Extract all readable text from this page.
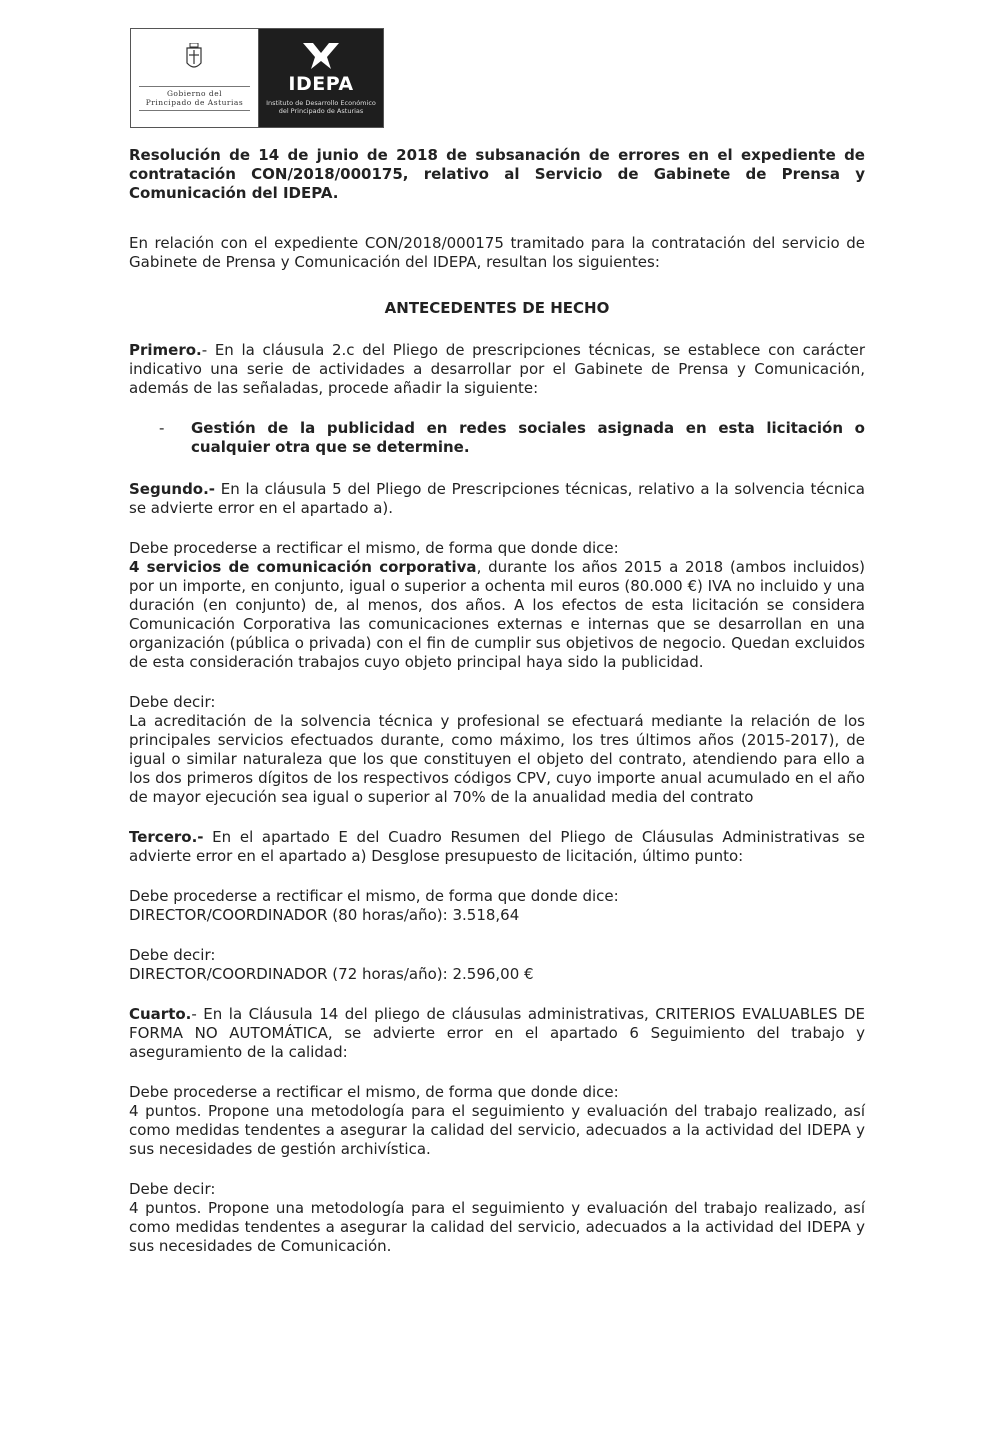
Gobierno del
Principado de Asturias
IDEPA
Instituto de Desarrollo Económico
del Principado de Asturias

Resolución de 14 de junio de 2018 de subsanación de errores en el expediente de contratación CON/2018/000175, relativo al Servicio de Gabinete de Prensa y Comunicación del IDEPA.

En relación con el expediente CON/2018/000175 tramitado para la contratación del servicio de Gabinete de Prensa y Comunicación del IDEPA, resultan los siguientes:

ANTECEDENTES DE HECHO

Primero.- En la cláusula 2.c del Pliego de prescripciones técnicas, se establece con carácter indicativo una serie de actividades a desarrollar por el Gabinete de Prensa y Comunicación, además de las señaladas, procede añadir la siguiente:

-	Gestión de la publicidad en redes sociales asignada en esta licitación o cualquier otra que se determine.

Segundo.- En la cláusula 5 del Pliego de Prescripciones técnicas, relativo a la solvencia técnica se advierte error en el apartado a).

Debe procederse a rectificar el mismo, de forma que donde dice:

4 servicios de comunicación corporativa, durante los años 2015 a 2018 (ambos incluidos) por un importe, en conjunto, igual o superior a ochenta mil euros (80.000 €) IVA no incluido y una duración (en conjunto) de, al menos, dos años. A los efectos de esta licitación se considera Comunicación Corporativa las comunicaciones externas e internas que se desarrollan en una organización (pública o privada) con el fin de cumplir sus objetivos de negocio. Quedan excluidos de esta consideración trabajos cuyo objeto principal haya sido la publicidad.

Debe decir:

La acreditación de la solvencia técnica y profesional se efectuará mediante la relación de los principales servicios efectuados durante, como máximo, los tres últimos años (2015-2017), de igual o similar naturaleza que los que constituyen el objeto del contrato, atendiendo para ello a los dos primeros dígitos de los respectivos códigos CPV, cuyo importe anual acumulado en el año de mayor ejecución sea igual o superior al 70% de la anualidad media del contrato

Tercero.- En el apartado E del Cuadro Resumen del Pliego de Cláusulas Administrativas se advierte error en el apartado a) Desglose presupuesto de licitación, último punto:

Debe procederse a rectificar el mismo, de forma que donde dice:

DIRECTOR/COORDINADOR (80 horas/año): 3.518,64

Debe decir:

DIRECTOR/COORDINADOR (72 horas/año): 2.596,00 €

Cuarto.- En la Cláusula 14 del pliego de cláusulas administrativas, CRITERIOS EVALUABLES DE FORMA NO AUTOMÁTICA, se advierte error en el apartado 6 Seguimiento del trabajo y aseguramiento de la calidad:

Debe procederse a rectificar el mismo, de forma que donde dice:

4 puntos. Propone una metodología para el seguimiento y evaluación del trabajo realizado, así como medidas tendentes a asegurar la calidad del servicio, adecuados a la actividad del IDEPA y sus necesidades de gestión archivística.

Debe decir:

4 puntos. Propone una metodología para el seguimiento y evaluación del trabajo realizado, así como medidas tendentes a asegurar la calidad del servicio, adecuados a la actividad del IDEPA y sus necesidades de Comunicación.
